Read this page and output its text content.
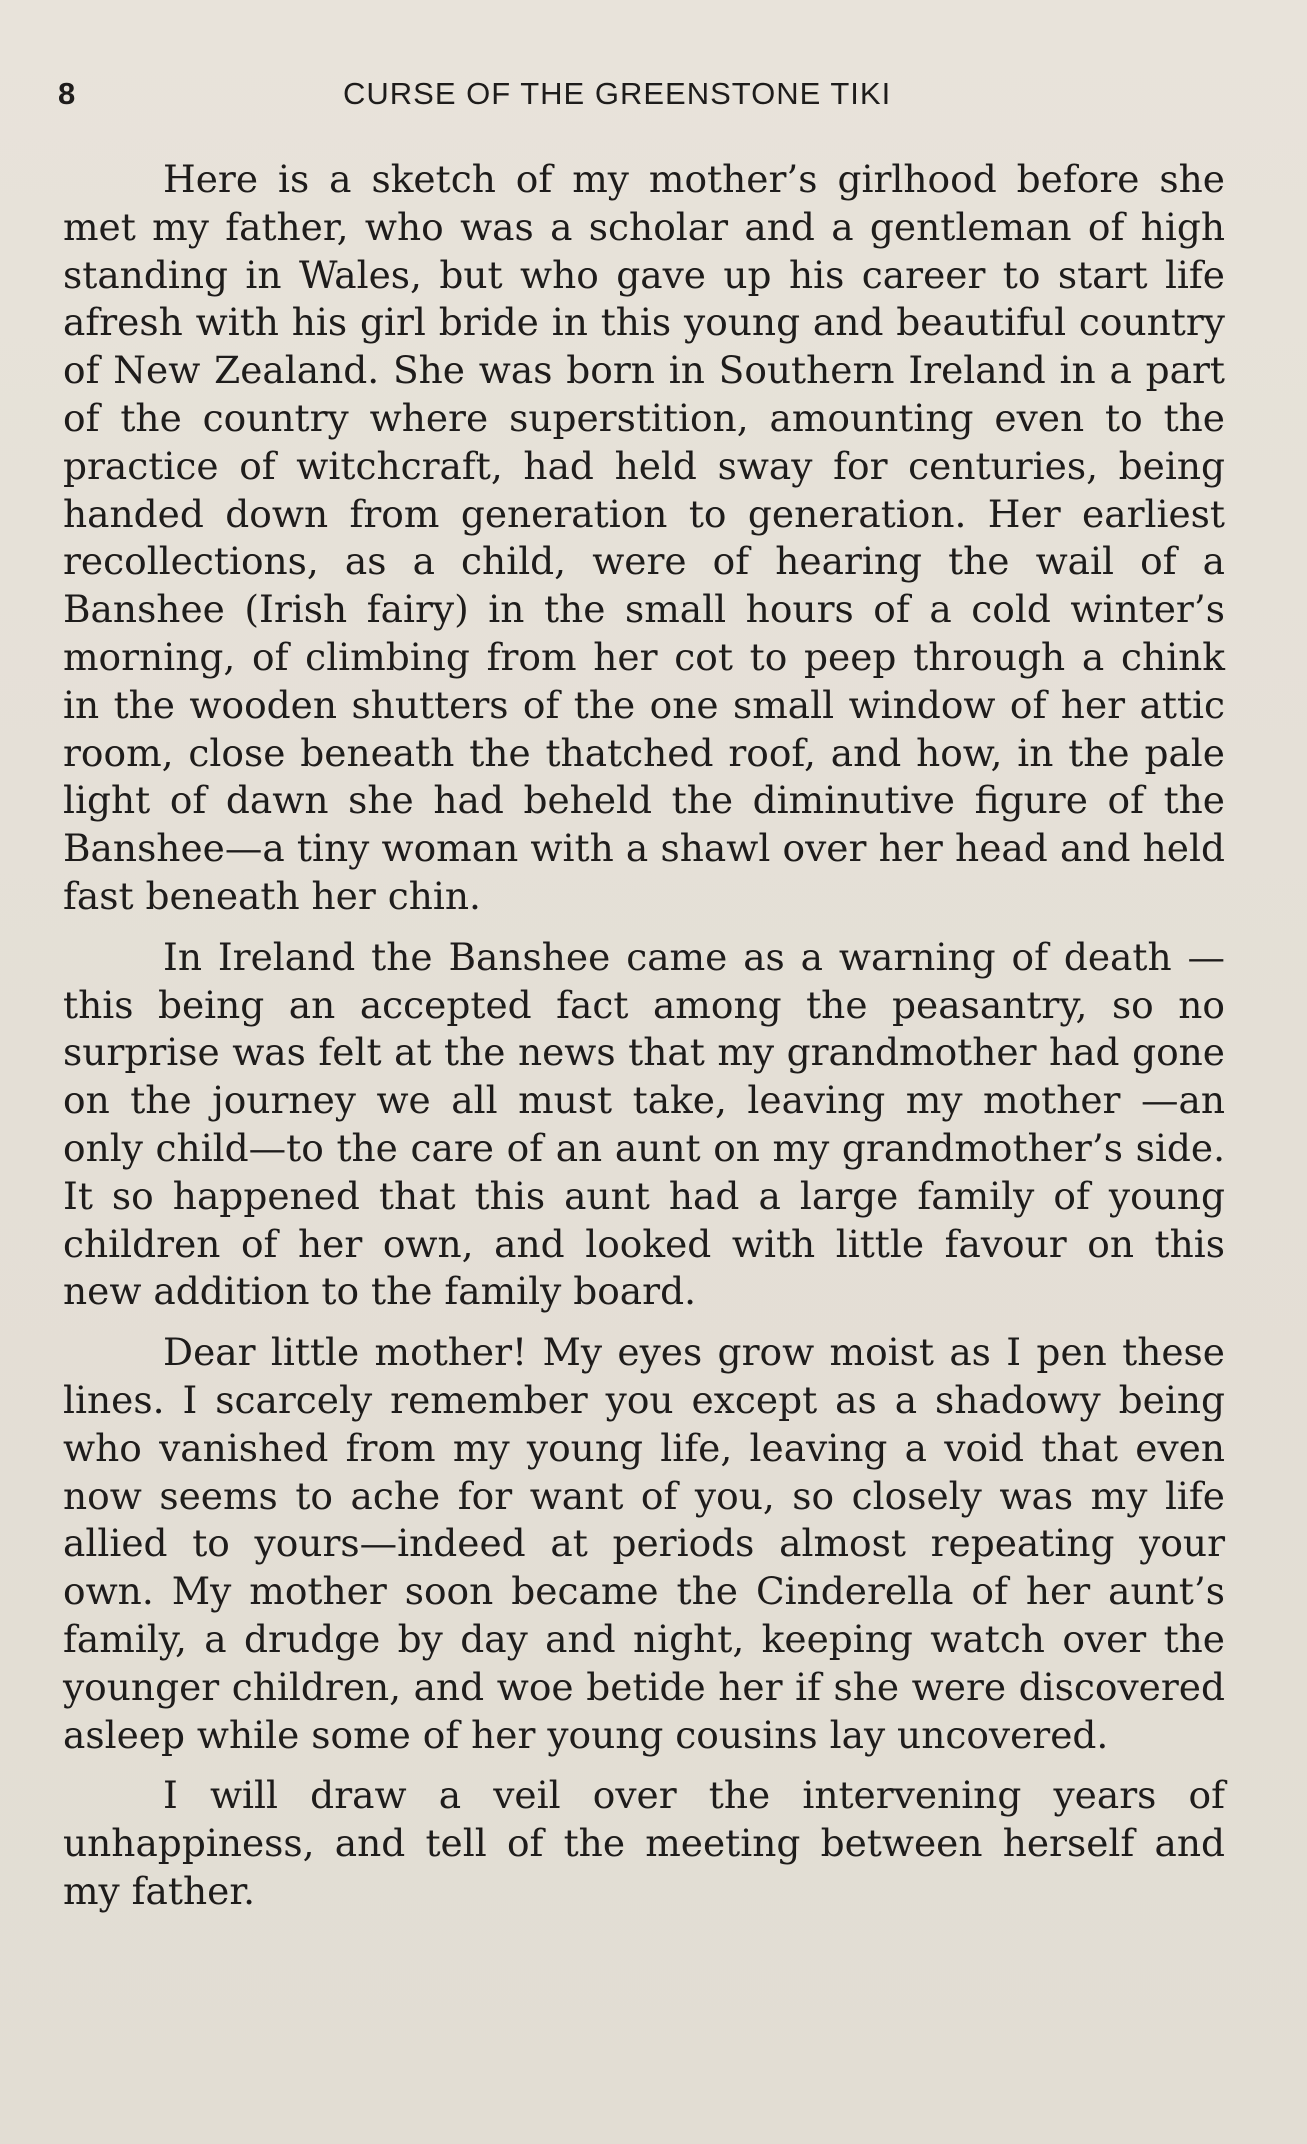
8	CURSE OF THE GREENSTONE TIKI

Here is a sketch of my mother’s girlhood before she met my father, who was a scholar and a gentleman of high standing in Wales, but who gave up his career to start life afresh with his girl bride in this young and beautiful country of New Zealand. She was born in Southern Ireland in a part of the country where superstition, amounting even to the practice of witchcraft, had held sway for centuries, being handed down from generation to generation. Her earliest recollections, as a child, were of hearing the wail of a Banshee (Irish fairy) in the small hours of a cold winter’s morning, of climbing from her cot to peep through a chink in the wooden shutters of the one small window of her attic room, close beneath the thatched roof, and how, in the pale light of dawn she had beheld the diminutive figure of the Banshee—a tiny woman with a shawl over her head and held fast beneath her chin.

In Ireland the Banshee came as a warning of death —this being an accepted fact among the peasantry, so no surprise was felt at the news that my grandmother had gone on the journey we all must take, leaving my mother —an only child—to the care of an aunt on my grandmother’s side. It so happened that this aunt had a large family of young children of her own, and looked with little favour on this new addition to the family board.

Dear little mother! My eyes grow moist as I pen these lines. I scarcely remember you except as a shadowy being who vanished from my young life, leaving a void that even now seems to ache for want of you, so closely was my life allied to yours—indeed at periods almost repeating your own. My mother soon became the Cinderella of her aunt’s family, a drudge by day and night, keeping watch over the younger children, and woe betide her if she were discovered asleep while some of her young cousins lay uncovered.

I will draw a veil over the intervening years of unhappiness, and tell of the meeting between herself and my father.
